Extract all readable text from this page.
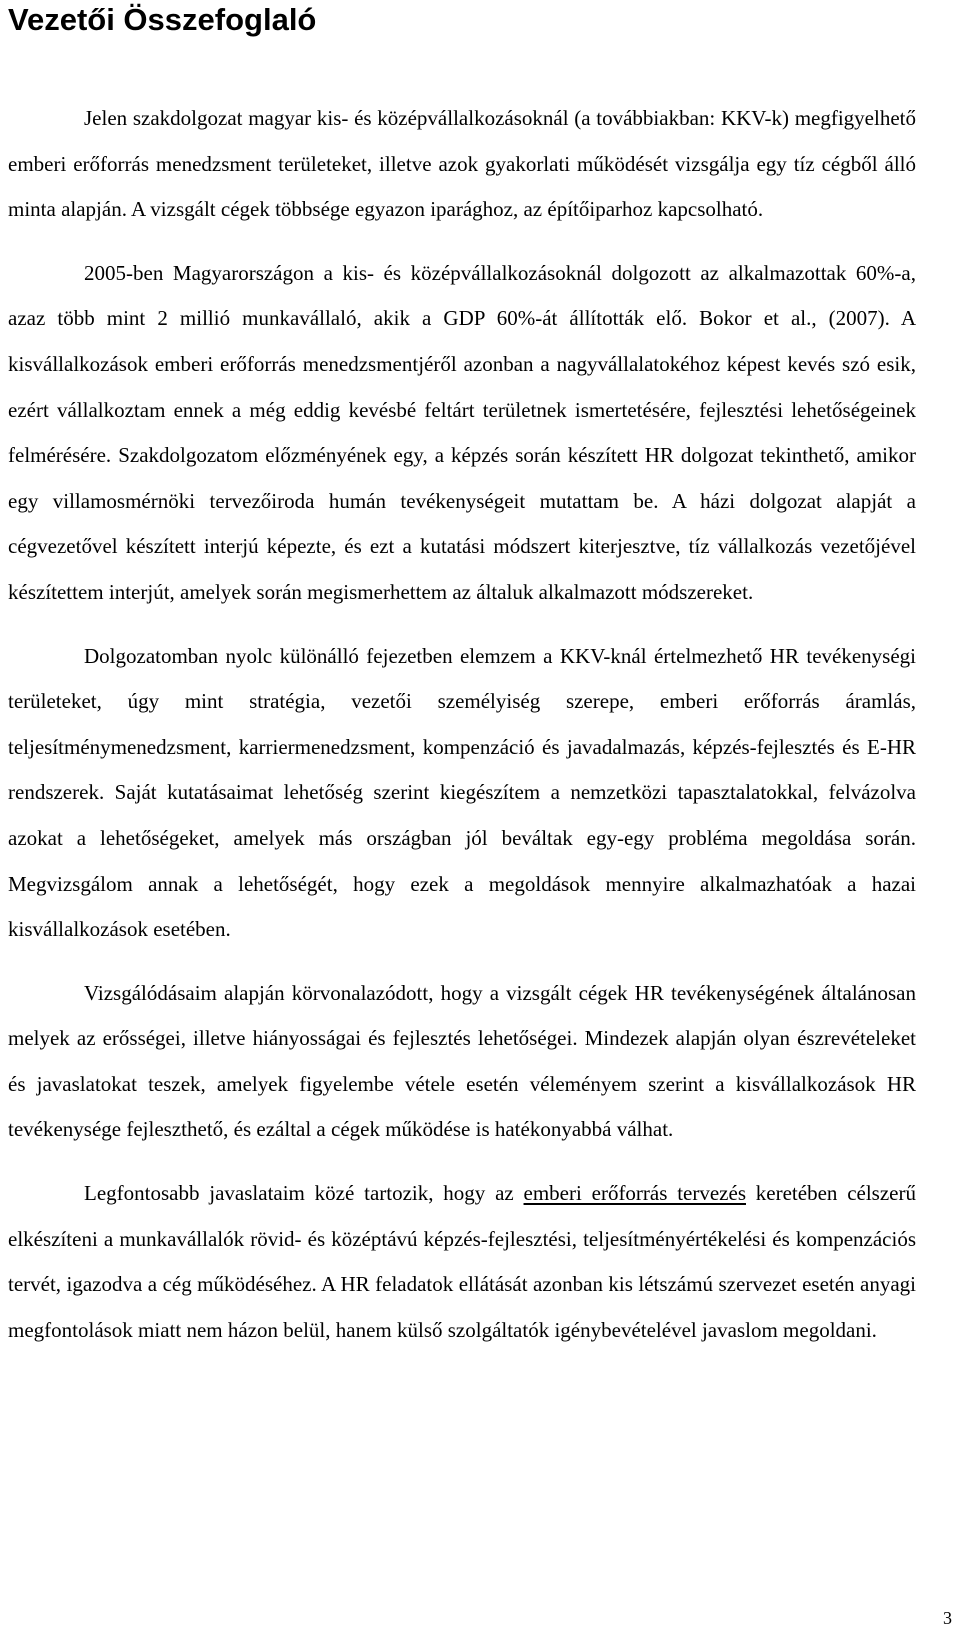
Vezetői Összefoglaló

Jelen szakdolgozat magyar kis- és középvállalkozásoknál (a továbbiakban: KKV-k) megfigyelhető emberi erőforrás menedzsment területeket, illetve azok gyakorlati működését vizsgálja egy tíz cégből álló minta alapján. A vizsgált cégek többsége egyazon iparághoz, az építőiparhoz kapcsolható.

2005-ben Magyarországon a kis- és középvállalkozásoknál dolgozott az alkalmazottak 60%-a, azaz több mint 2 millió munkavállaló, akik a GDP 60%-át állították elő. Bokor et al., (2007). A kisvállalkozások emberi erőforrás menedzsmentjéről azonban a nagyvállalatokéhoz képest kevés szó esik, ezért vállalkoztam ennek a még eddig kevésbé feltárt területnek ismertetésére, fejlesztési lehetőségeinek felmérésére. Szakdolgozatom előzményének egy, a képzés során készített HR dolgozat tekinthető, amikor egy villamosmérnöki tervezőiroda humán tevékenységeit mutattam be. A házi dolgozat alapját a cégvezetővel készített interjú képezte, és ezt a kutatási módszert kiterjesztve, tíz vállalkozás vezetőjével készítettem interjút, amelyek során megismerhettem az általuk alkalmazott módszereket.

Dolgozatomban nyolc különálló fejezetben elemzem a KKV-knál értelmezhető HR tevékenységi területeket, úgy mint stratégia, vezetői személyiség szerepe, emberi erőforrás áramlás, teljesítménymenedzsment, karriermenedzsment, kompenzáció és javadalmazás, képzés-fejlesztés és E-HR rendszerek. Saját kutatásaimat lehetőség szerint kiegészítem a nemzetközi tapasztalatokkal, felvázolva azokat a lehetőségeket, amelyek más országban jól beváltak egy-egy probléma megoldása során. Megvizsgálom annak a lehetőségét, hogy ezek a megoldások mennyire alkalmazhatóak a hazai kisvállalkozások esetében.

Vizsgálódásaim alapján körvonalazódott, hogy a vizsgált cégek HR tevékenységének általánosan melyek az erősségei, illetve hiányosságai és fejlesztés lehetőségei. Mindezek alapján olyan észrevételeket és javaslatokat teszek, amelyek figyelembe vétele esetén véleményem szerint a kisvállalkozások HR tevékenysége fejleszthető, és ezáltal a cégek működése is hatékonyabbá válhat.

Legfontosabb javaslataim közé tartozik, hogy az emberi erőforrás tervezés keretében célszerű elkészíteni a munkavállalók rövid- és középtávú képzés-fejlesztési, teljesítményértékelési és kompenzációs tervét, igazodva a cég működéséhez. A HR feladatok ellátását azonban kis létszámú szervezet esetén anyagi megfontolások miatt nem házon belül, hanem külső szolgáltatók igénybevételével javaslom megoldani.

3
